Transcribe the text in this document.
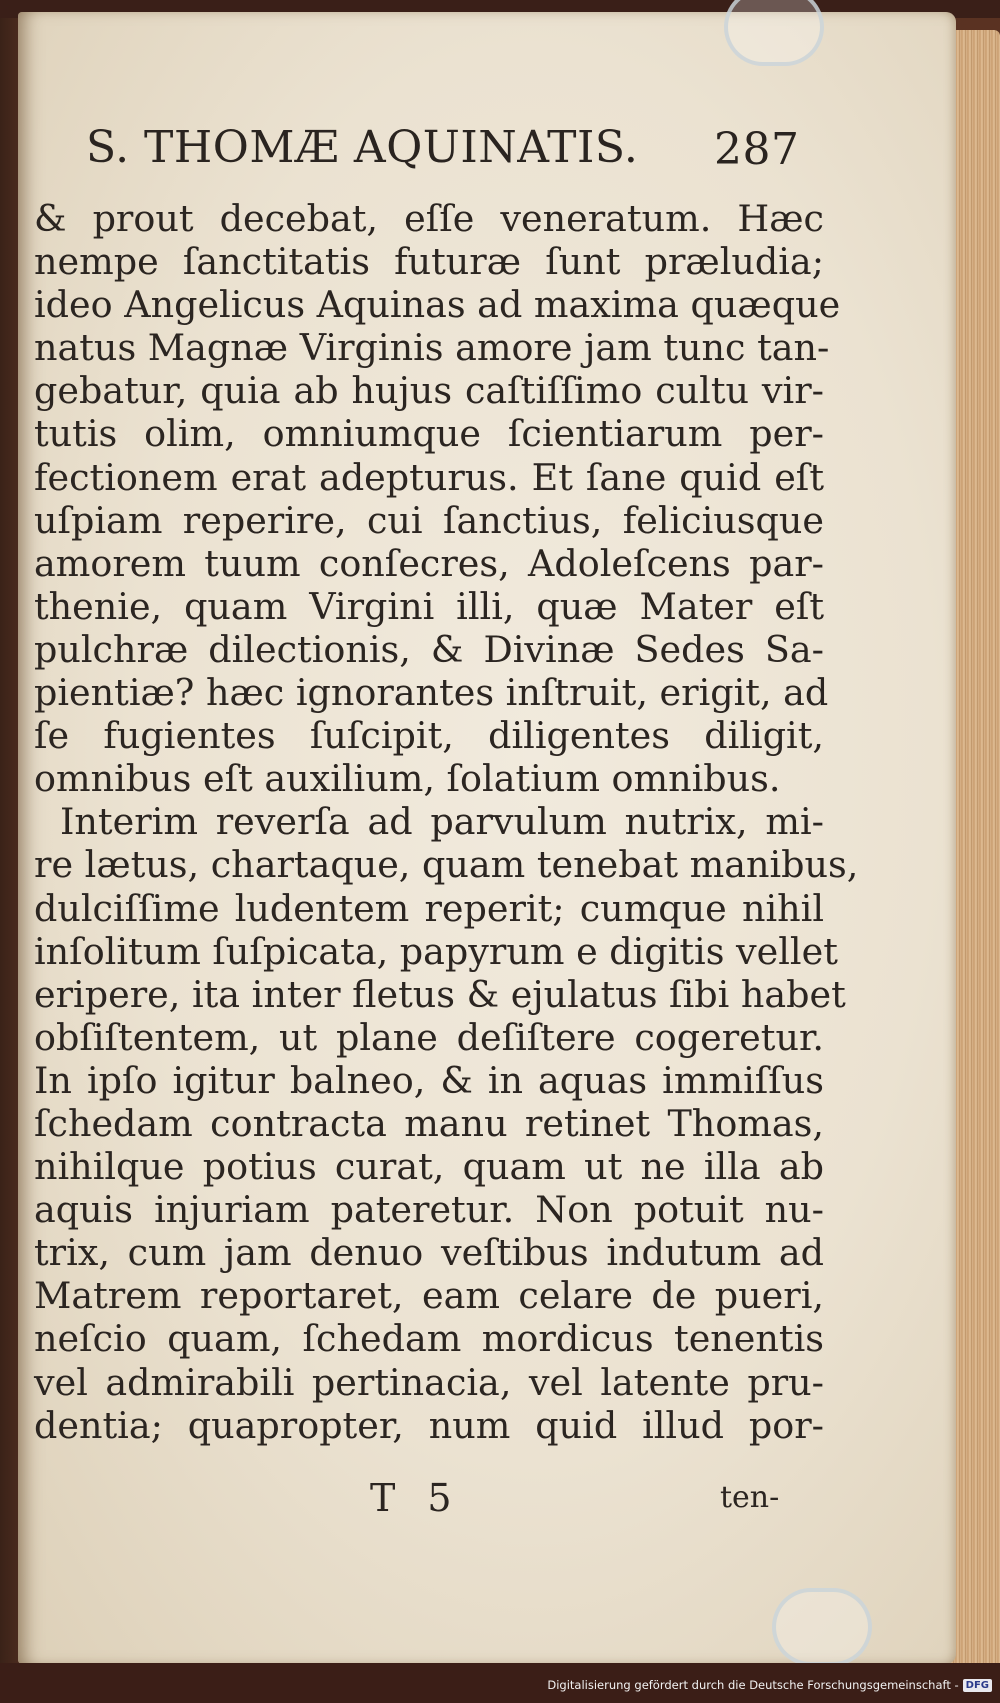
S. THOMÆ AQUINATIS. 287
& prout decebat, eſſe veneratum. Hæc
nempe ſanctitatis futuræ ſunt præludia;
ideo Angelicus Aquinas ad maxima quæque
natus Magnæ Virginis amore jam tunc tan-
gebatur, quia ab hujus caſtiſſimo cultu vir-
tutis olim, omniumque ſcientiarum per-
fectionem erat adepturus. Et ſane quid eſt
uſpiam reperire, cui ſanctius, feliciusque
amorem tuum conſecres, Adoleſcens par-
thenie, quam Virgini illi, quæ Mater eſt
pulchræ dilectionis, & Divinæ Sedes Sa-
pientiæ? hæc ignorantes inſtruit, erigit, ad
ſe fugientes ſuſcipit, diligentes diligit,
omnibus eſt auxilium, ſolatium omnibus.
Interim reverſa ad parvulum nutrix, mi-
re lætus, chartaque, quam tenebat manibus,
dulciſſime ludentem reperit; cumque nihil
inſolitum ſuſpicata, papyrum e digitis vellet
eripere, ita inter fletus & ejulatus ſibi habet
obſiſtentem, ut plane deſiſtere cogeretur.
In ipſo igitur balneo, & in aquas immiſſus
ſchedam contracta manu retinet Thomas,
nihilque potius curat, quam ut ne illa ab
aquis injuriam pateretur. Non potuit nu-
trix, cum jam denuo veſtibus indutum ad
Matrem reportaret, eam celare de pueri,
neſcio quam, ſchedam mordicus tenentis
vel admirabili pertinacia, vel latente pru-
dentia; quapropter, num quid illud por-
T 5	ten-
Digitalisierung gefördert durch die Deutsche Forschungsgemeinschaft - DFG
